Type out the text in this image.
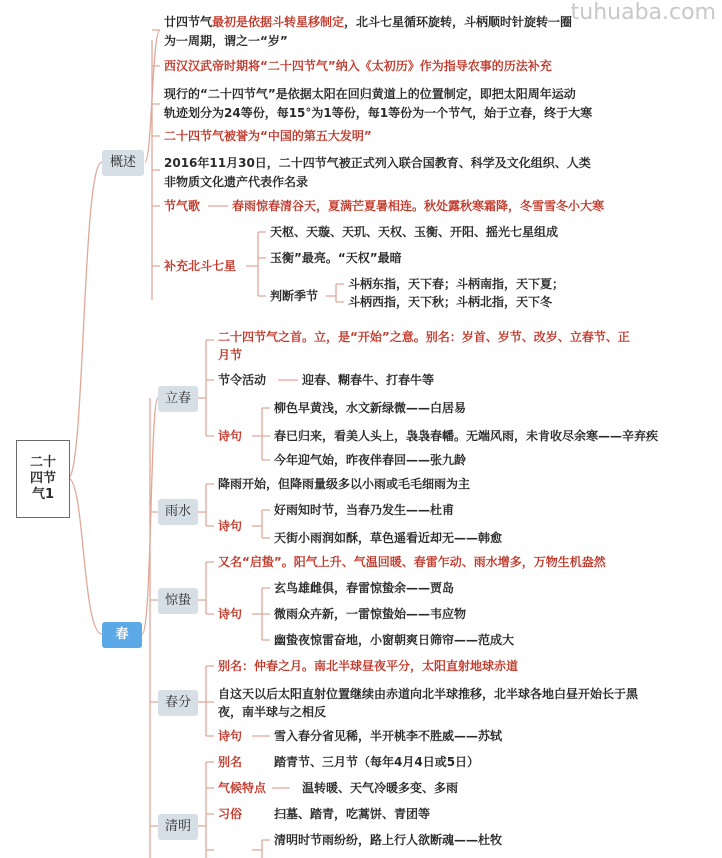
tuhuaba.com
二十
四节
气1
概述
春
立春
雨水
惊蛰
春分
清明
廿四节气最初是依据斗转星移制定，北斗七星循环旋转，斗柄顺时针旋转一圈
为一周期，谓之一“岁”
西汉汉武帝时期将“二十四节气”纳入《太初历》作为指导农事的历法补充
现行的“二十四节气”是依据太阳在回归黄道上的位置制定，即把太阳周年运动
轨迹划分为24等份，每15°为1等份，每1等份为一个节气，始于立春，终于大寒
二十四节气被誉为“中国的第五大发明”
2016年11月30日，二十四节气被正式列入联合国教育、科学及文化组织、人类
非物质文化遗产代表作名录
节气歌	春雨惊春清谷天，夏满芒夏暑相连。秋处露秋寒霜降，冬雪雪冬小大寒
补充北斗七星
天枢、天璇、天玑、天权、玉衡、开阳、摇光七星组成
玉衡”最亮。“天权”最暗
判断季节
斗柄东指，天下春；斗柄南指，天下夏；
斗柄西指，天下秋；斗柄北指，天下冬
二十四节气之首。立，是“开始”之意。别名：岁首、岁节、改岁、立春节、正
月节
节令活动	迎春、糊春牛、打春牛等
诗句
柳色早黄浅，水文新绿微——白居易
春已归来，看美人头上，袅袅春幡。无端风雨，未肯收尽余寒——辛弃疾
今年迎气始，昨夜伴春回——张九龄
降雨开始，但降雨量级多以小雨或毛毛细雨为主
诗句
好雨知时节，当春乃发生——杜甫
天街小雨润如酥，草色遥看近却无——韩愈
又名“启蛰”。阳气上升、气温回暖、春雷乍动、雨水增多，万物生机盎然
诗句
玄鸟雄雌俱，春雷惊蛰余——贾岛
微雨众卉新，一雷惊蛰始——韦应物
幽蛰夜惊雷奋地，小窗朝爽日筛帘——范成大
别名：仲春之月。南北半球昼夜平分，太阳直射地球赤道
自这天以后太阳直射位置继续由赤道向北半球推移，北半球各地白昼开始长于黑
夜，南半球与之相反
诗句	雪入春分省见稀，半开桃李不胜威——苏轼
别名	踏青节、三月节（每年4月4日或5日）
气候特点	温转暖、天气冷暖多变、多雨
习俗	扫墓、踏青，吃蒿饼、青团等
清明时节雨纷纷，路上行人欲断魂——杜牧
